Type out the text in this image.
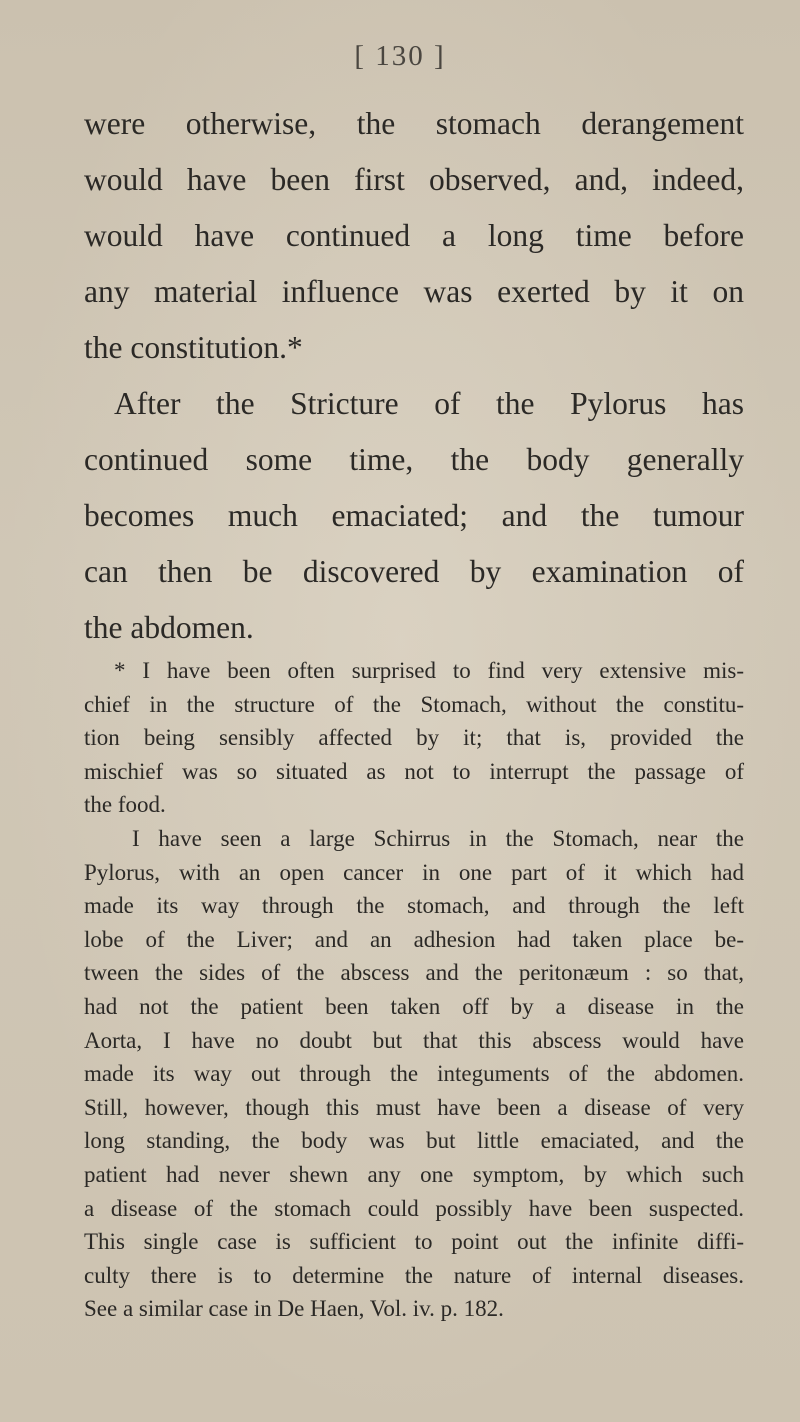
[ 130 ]
were otherwise, the stomach derangement
would have been first observed, and, indeed,
would have continued a long time before
any material influence was exerted by it on
the constitution.*
After the Stricture of the Pylorus has
continued some time, the body generally
becomes much emaciated; and the tumour
can then be discovered by examination of
the abdomen.
* I have been often surprised to find very extensive mis-
chief in the structure of the Stomach, without the constitu-
tion being sensibly affected by it; that is, provided the
mischief was so situated as not to interrupt the passage of
the food.
I have seen a large Schirrus in the Stomach, near the
Pylorus, with an open cancer in one part of it which had
made its way through the stomach, and through the left
lobe of the Liver; and an adhesion had taken place be-
tween the sides of the abscess and the peritonæum : so that,
had not the patient been taken off by a disease in the
Aorta, I have no doubt but that this abscess would have
made its way out through the integuments of the abdomen.
Still, however, though this must have been a disease of very
long standing, the body was but little emaciated, and the
patient had never shewn any one symptom, by which such
a disease of the stomach could possibly have been suspected.
This single case is sufficient to point out the infinite diffi-
culty there is to determine the nature of internal diseases.
See a similar case in De Haen, Vol. iv. p. 182.
